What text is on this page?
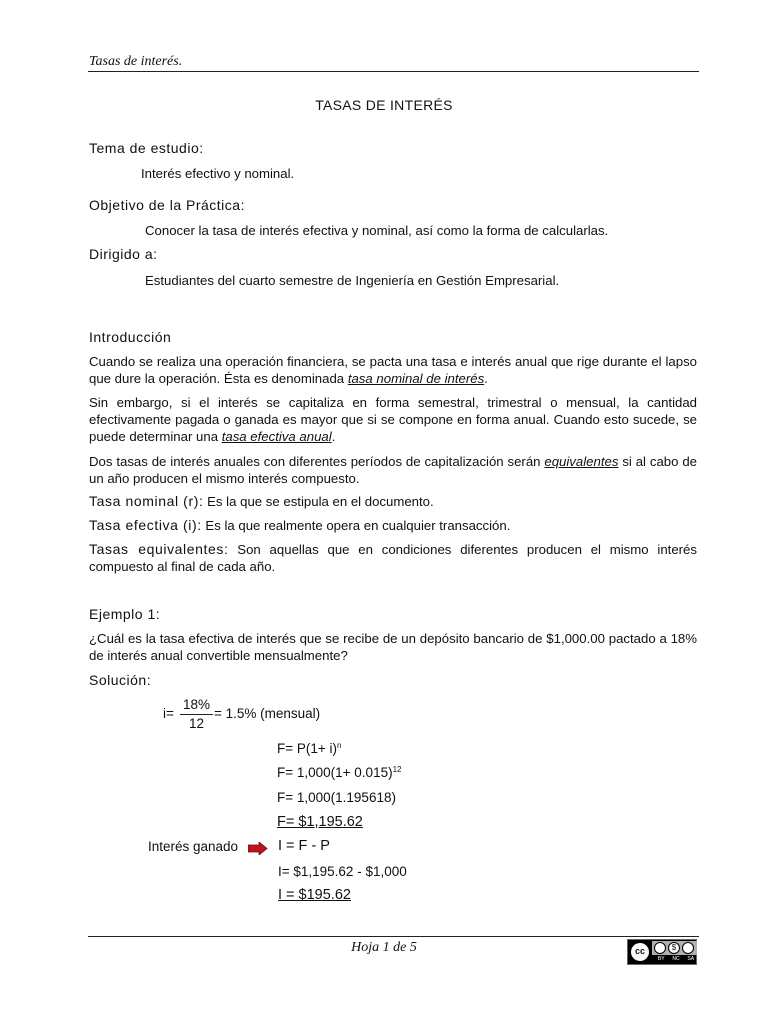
Tasas de interés.
TASAS DE INTERÉS
Tema de estudio:
Interés efectivo y nominal.
Objetivo de la Práctica:
Conocer la tasa de interés efectiva y nominal, así como la forma de calcularlas.
Dirigido a:
Estudiantes del cuarto semestre de Ingeniería en Gestión Empresarial.
Introducción
Cuando se realiza una operación financiera, se pacta una tasa e interés anual que rige durante el lapso que dure la operación. Ésta es denominada tasa nominal de interés.
Sin embargo, si el interés se capitaliza en forma semestral, trimestral o mensual, la cantidad efectivamente pagada o ganada es mayor que si se compone en forma anual. Cuando esto sucede, se puede determinar una tasa efectiva anual.
Dos tasas de interés anuales con diferentes períodos de capitalización serán equivalentes si al cabo de un año producen el mismo interés compuesto.
Tasa nominal (r): Es la que se estipula en el documento.
Tasa efectiva (i): Es la que realmente opera en cualquier transacción.
Tasas equivalentes: Son aquellas que en condiciones diferentes producen el mismo interés compuesto al final de cada año.
Ejemplo 1:
¿Cuál es la tasa efectiva de interés que se recibe de un depósito bancario de $1,000.00 pactado a 18% de interés anual convertible mensualmente?
Solución:
i=
18%
12
= 1.5% (mensual)
$F= P(1+ i)^n$
$F= 1,000(1+ 0.015)^{12}$
F= 1,000(1.195618)
F= $1,195.62
Interés ganado	I = F - P
I= $1,195.62 - $1,000
I = $195.62
Hoja 1 de 5	cc	$
BY NC SA
